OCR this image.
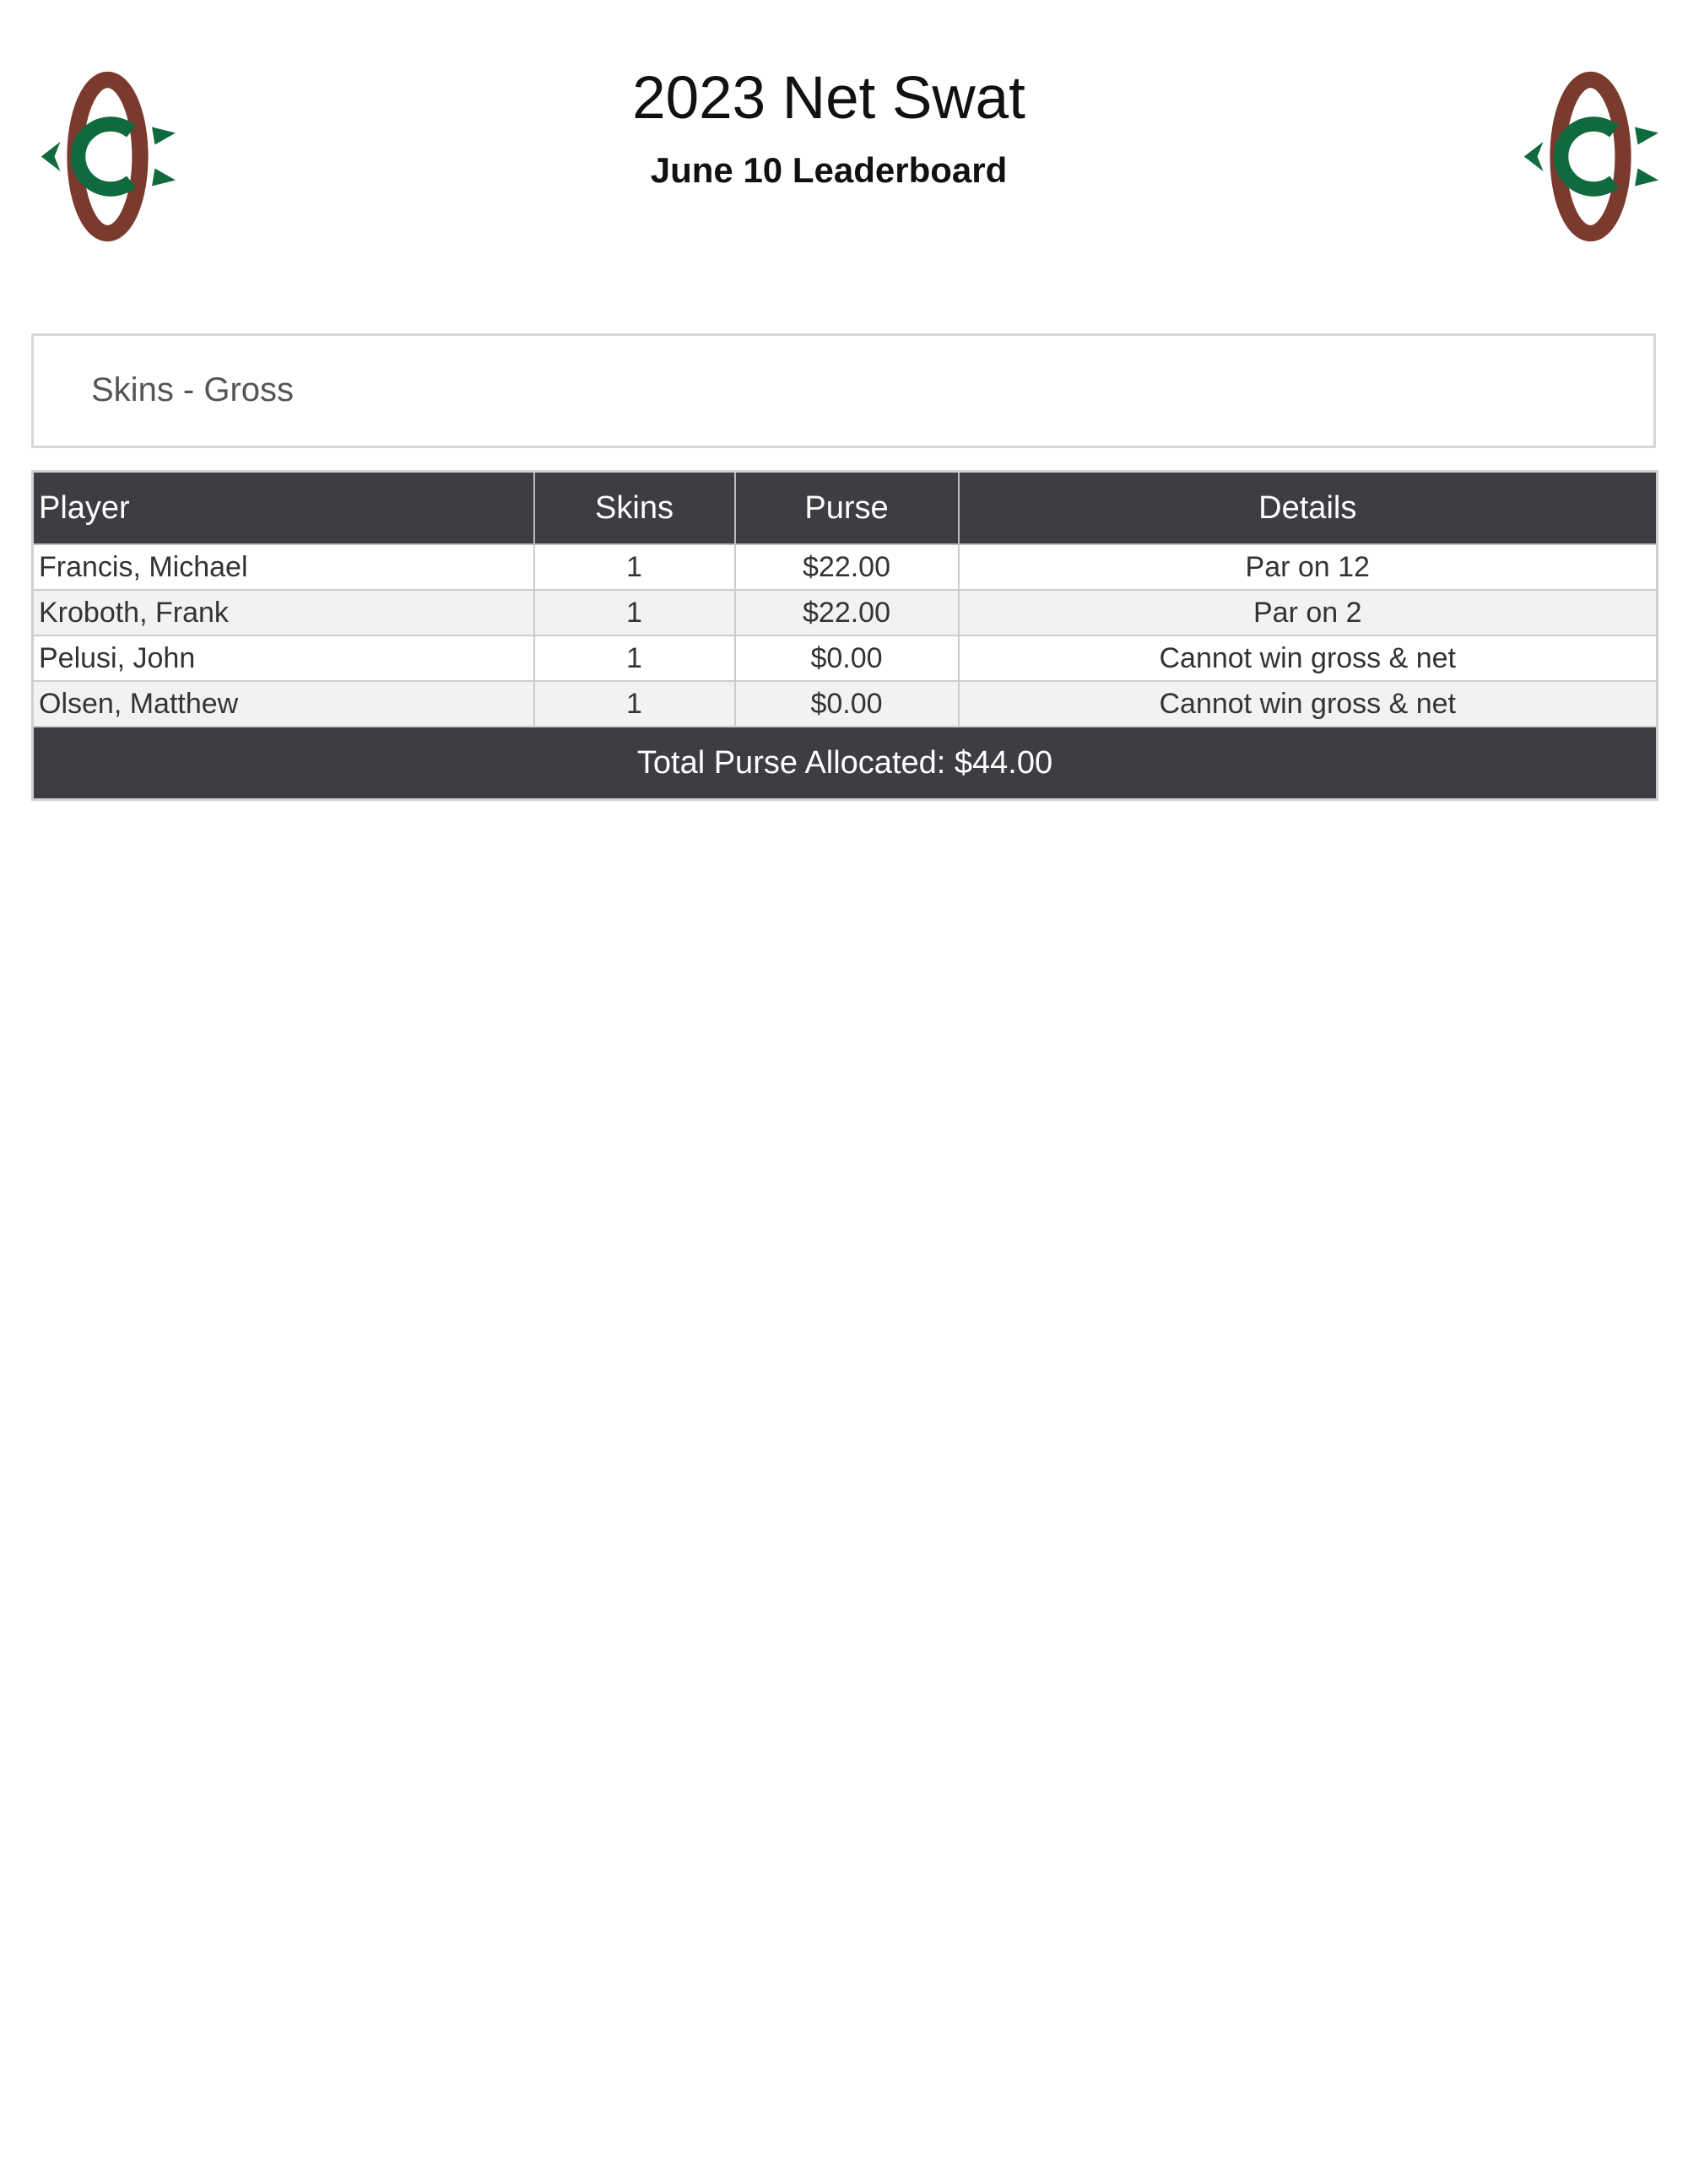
2023 Net Swat
June 10 Leaderboard
Skins - Gross
Player	Skins	Purse	Details
Francis, Michael	1	$22.00	Par on 12
Kroboth, Frank	1	$22.00	Par on 2
Pelusi, John	1	$0.00	Cannot win gross & net
Olsen, Matthew	1	$0.00	Cannot win gross & net
Total Purse Allocated: $44.00			
